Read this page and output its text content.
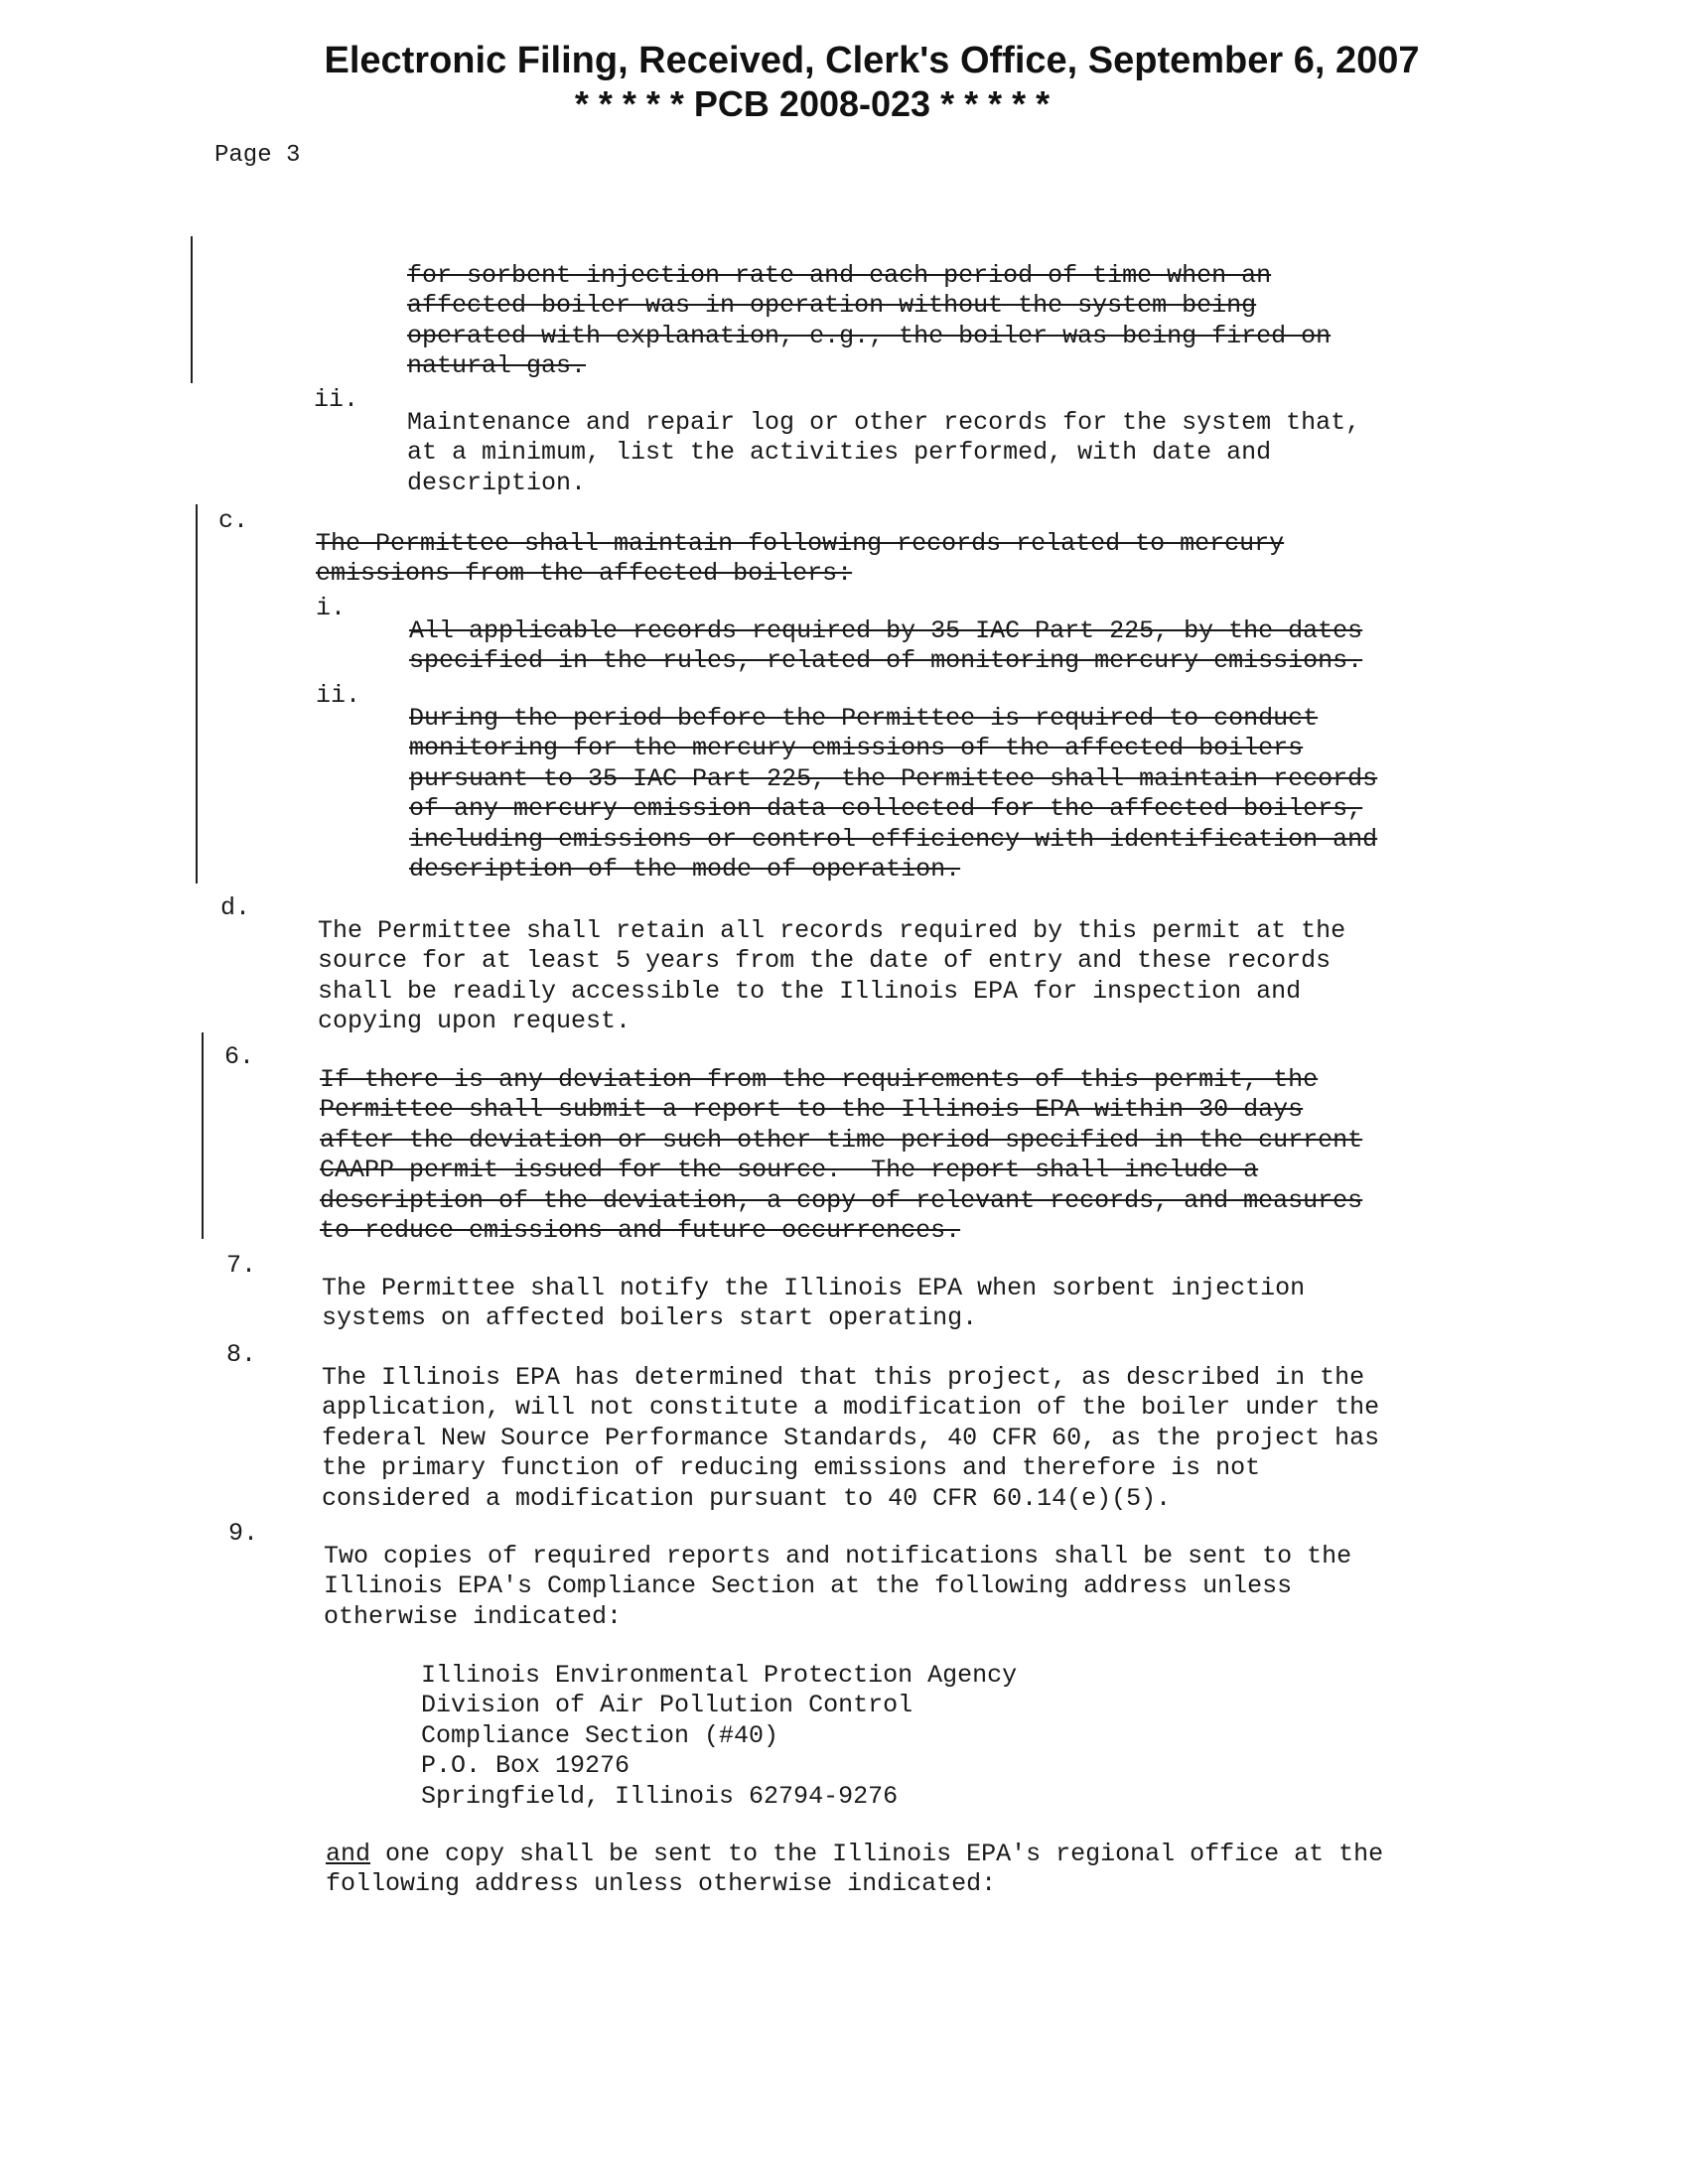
Electronic Filing, Received, Clerk's Office, September 6, 2007
* * * * * PCB 2008-023 * * * * *
Page 3

for sorbent injection rate and each period of time when an
affected boiler was in operation without the system being
operated with explanation, e.g., the boiler was being fired on
natural gas.

ii.

Maintenance and repair log or other records for the system that,
at a minimum, list the activities performed, with date and
description.

c.

The Permittee shall maintain following records related to mercury
emissions from the affected boilers:

i.

All applicable records required by 35 IAC Part 225, by the dates
specified in the rules, related of monitoring mercury emissions.

ii.

During the period before the Permittee is required to conduct
monitoring for the mercury emissions of the affected boilers
pursuant to 35 IAC Part 225, the Permittee shall maintain records
of any mercury emission data collected for the affected boilers,
including emissions or control efficiency with identification and
description of the mode of operation.

d.

The Permittee shall retain all records required by this permit at the
source for at least 5 years from the date of entry and these records
shall be readily accessible to the Illinois EPA for inspection and
copying upon request.

6.

If there is any deviation from the requirements of this permit, the
Permittee shall submit a report to the Illinois EPA within 30 days
after the deviation or such other time period specified in the current
CAAPP permit issued for the source.  The report shall include a
description of the deviation, a copy of relevant records, and measures
to reduce emissions and future occurrences.

7.

The Permittee shall notify the Illinois EPA when sorbent injection
systems on affected boilers start operating.

8.

The Illinois EPA has determined that this project, as described in the
application, will not constitute a modification of the boiler under the
federal New Source Performance Standards, 40 CFR 60, as the project has
the primary function of reducing emissions and therefore is not
considered a modification pursuant to 40 CFR 60.14(e)(5).

9.

Two copies of required reports and notifications shall be sent to the
Illinois EPA's Compliance Section at the following address unless
otherwise indicated:

Illinois Environmental Protection Agency
Division of Air Pollution Control
Compliance Section (#40)
P.O. Box 19276
Springfield, Illinois 62794-9276

and one copy shall be sent to the Illinois EPA's regional office at the
following address unless otherwise indicated:
